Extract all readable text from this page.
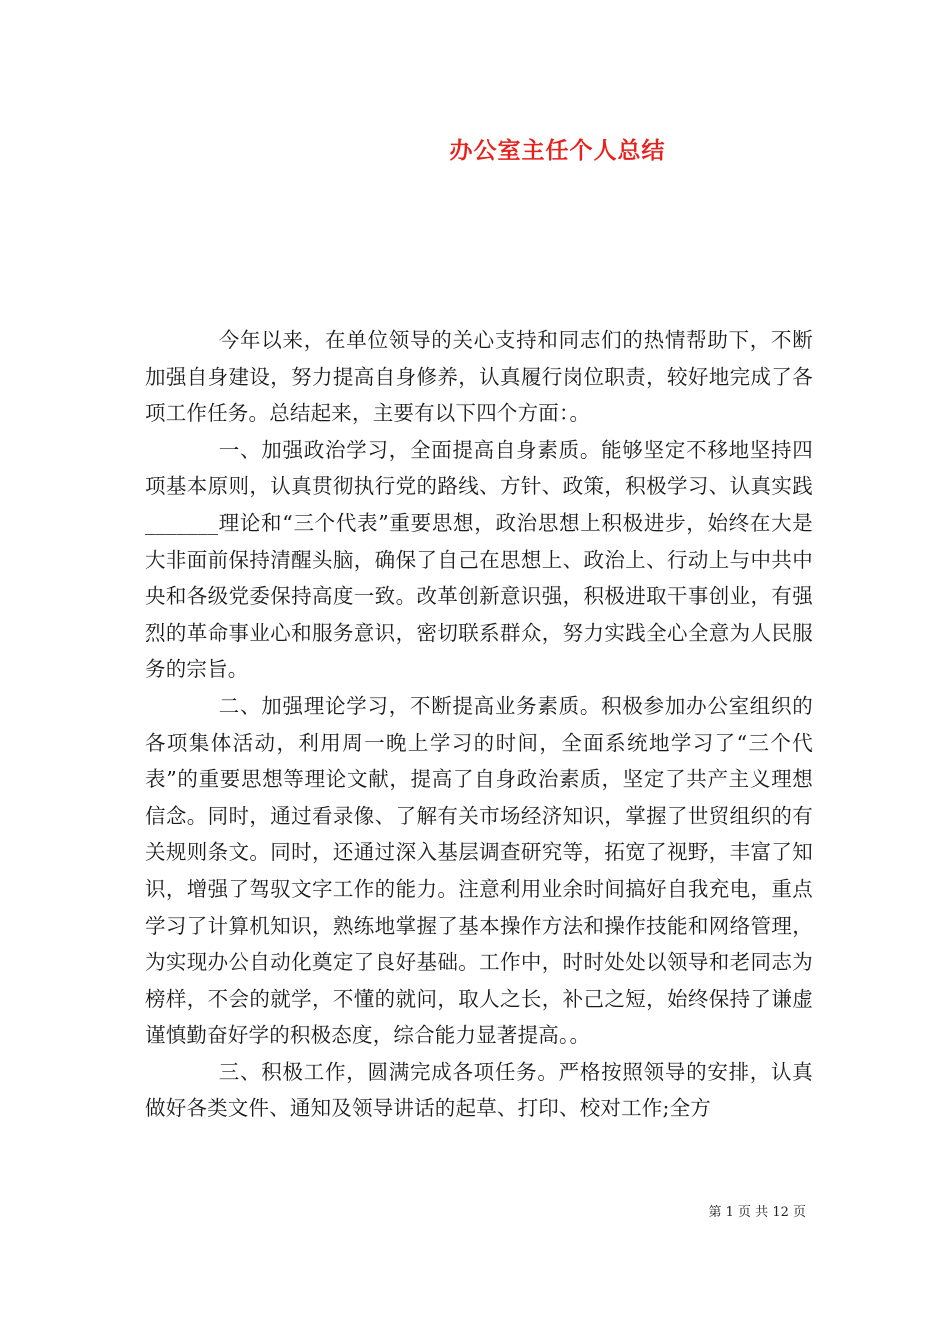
办公室主任个人总结

今年以来，在单位领导的关心支持和同志们的热情帮助下，不断加强自身建设，努力提高自身修养，认真履行岗位职责，较好地完成了各项工作任务。总结起来，主要有以下四个方面：。

一、加强政治学习，全面提高自身素质。能够坚定不移地坚持四项基本原则，认真贯彻执行党的路线、方针、政策，积极学习、认真实践_______理论和“三个代表”重要思想，政治思想上积极进步，始终在大是大非面前保持清醒头脑，确保了自己在思想上、政治上、行动上与中共中央和各级党委保持高度一致。改革创新意识强，积极进取干事创业，有强烈的革命事业心和服务意识，密切联系群众，努力实践全心全意为人民服务的宗旨。

二、加强理论学习，不断提高业务素质。积极参加办公室组织的各项集体活动，利用周一晚上学习的时间，全面系统地学习了“三个代表”的重要思想等理论文献，提高了自身政治素质，坚定了共产主义理想信念。同时，通过看录像、了解有关市场经济知识，掌握了世贸组织的有关规则条文。同时，还通过深入基层调查研究等，拓宽了视野，丰富了知识，增强了驾驭文字工作的能力。注意利用业余时间搞好自我充电，重点学习了计算机知识，熟练地掌握了基本操作方法和操作技能和网络管理，为实现办公自动化奠定了良好基础。工作中，时时处处以领导和老同志为榜样，不会的就学，不懂的就问，取人之长，补己之短，始终保持了谦虚谨慎勤奋好学的积极态度，综合能力显著提高。。

三、积极工作，圆满完成各项任务。严格按照领导的安排，认真做好各类文件、通知及领导讲话的起草、打印、校对工作;全方

第 1 页 共 12 页
